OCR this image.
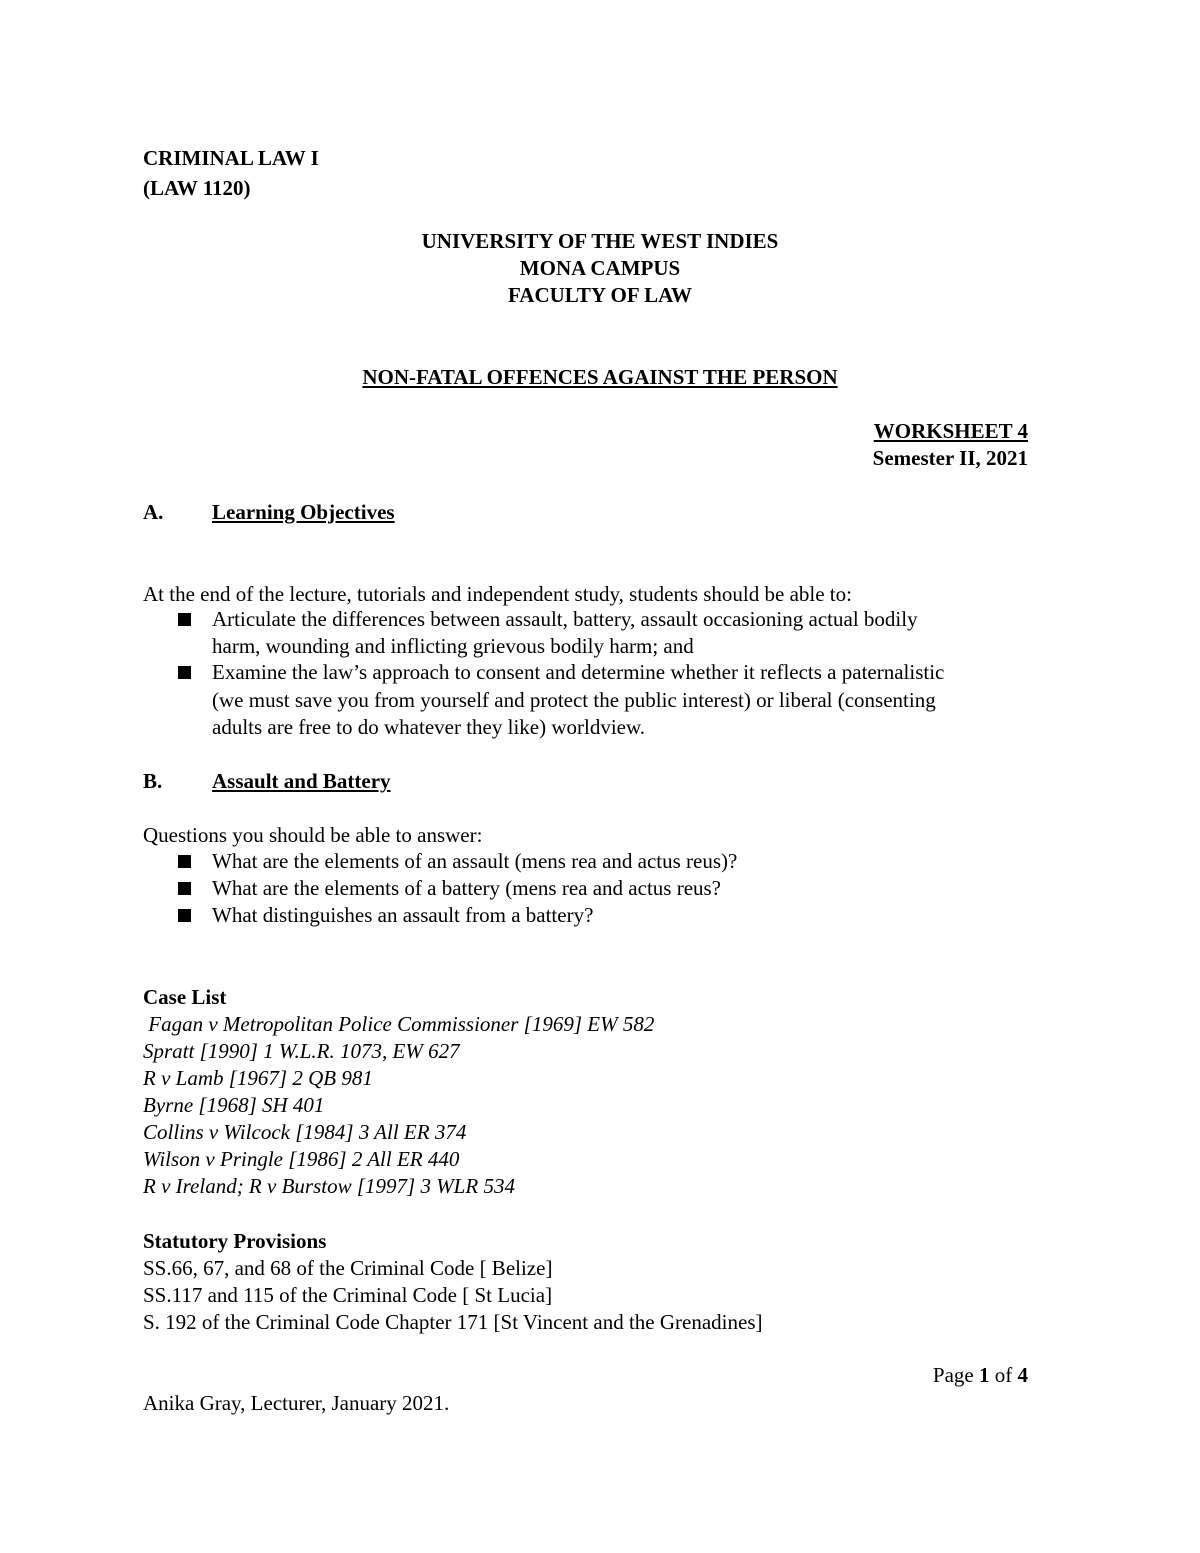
CRIMINAL LAW I
(LAW 1120)
UNIVERSITY OF THE WEST INDIES
MONA CAMPUS
FACULTY OF LAW
NON-FATAL OFFENCES AGAINST THE PERSON
WORKSHEET 4
Semester II, 2021
A. Learning Objectives
At the end of the lecture, tutorials and independent study, students should be able to:
Articulate the differences between assault, battery, assault occasioning actual bodily
harm, wounding and inflicting grievous bodily harm; and
Examine the law’s approach to consent and determine whether it reflects a paternalistic
(we must save you from yourself and protect the public interest) or liberal (consenting
adults are free to do whatever they like) worldview.
B. Assault and Battery
Questions you should be able to answer:
What are the elements of an assault (mens rea and actus reus)?
What are the elements of a battery (mens rea and actus reus?
What distinguishes an assault from a battery?
Case List
Fagan v Metropolitan Police Commissioner [1969] EW 582
Spratt [1990] 1 W.L.R. 1073, EW 627
R v Lamb [1967] 2 QB 981
Byrne [1968] SH 401
Collins v Wilcock [1984] 3 All ER 374
Wilson v Pringle [1986] 2 All ER 440
R v Ireland; R v Burstow [1997] 3 WLR 534
Statutory Provisions
SS.66, 67, and 68 of the Criminal Code [ Belize]
SS.117 and 115 of the Criminal Code [ St Lucia]
S. 192 of the Criminal Code Chapter 171 [St Vincent and the Grenadines]
Page 1 of 4
Anika Gray, Lecturer, January 2021.
